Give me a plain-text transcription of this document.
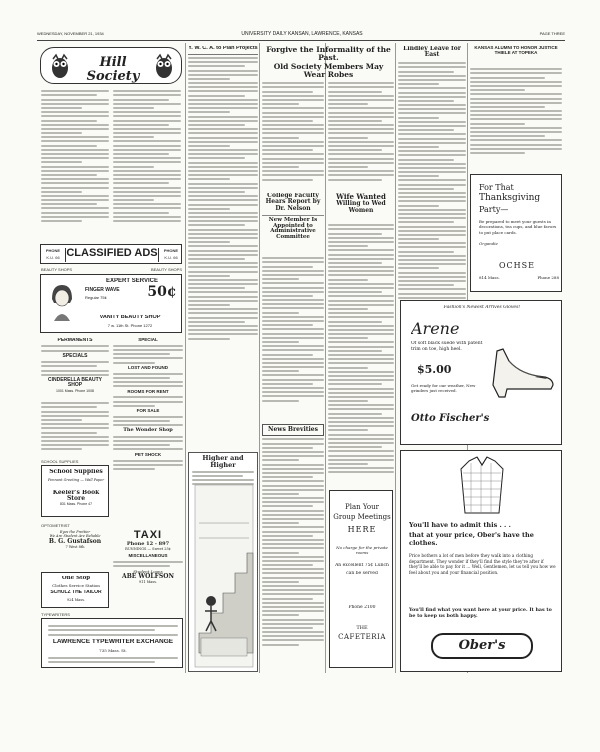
WEDNESDAY, NOVEMBER 21, 1934	UNIVERSITY DAILY KANSAN, LAWRENCE, KANSAS	PAGE THREE
Hill Society
PHONE
K.U. 66 CLASSIFIED ADS	PHONE
K.U. 66
BEAUTY SHOPS	BEAUTY SHOPS
EXPERT SERVICE
FINGER WAVE	50¢
Regular 75¢
VANITY BEAUTY SHOP
7 w. 11th St. Phone 1272
PERMANENTS
SPECIALS
CINDERELLA BEAUTY SHOP
1001 Mass. Phone 1008
SCHOOL SUPPLIES
School Supplies
Pennant Greeting — Wall Paper
Keeler's Book Store
831 Mass. Phone 47
OPTOMETRIST
Eyes the Prettier
We Are Student Are Reliable
B. G. Gustafson
7 West 8th
One Stop
Clothes Service Station
SCHULZ THE TAILOR
924 Mass.
TYPEWRITERS
LAWRENCE TYPEWRITER EXCHANGE
735 Mass. St.
SPECIAL
LOST AND FOUND
ROOMS FOR RENT
FOR SALE
The Wonder Shop
PET SHOCK
TAXI
Phone 12 - 897
RUNNINGS — Sweet 25¢
MISCELLANEOUS
Student Loans
ABE WOLFSON
911 Mass.
Y. W. C. A. to Plan Projects
Higher and Higher
Forgive the Informality of the Past.
Old Society Members May Wear Robes
College Faculty Hears Report by Dr. Nelson
New Member Is Appointed to Administrative Committee
News Brevities
Wife Wanted
Willing to Wed Women
Plan Your
Group Meetings
HERE
No charge for the private rooms
An excellent 75¢ Lunch
can be served
Phone 2100
THE
CAFETERIA
Lindley Leave for East
KANSAS ALUMNI TO HONOR JUSTICE THIELE AT TOPEKA
For That
Thanksgiving
Party—
Be prepared to meet your guests in decorations, tea cups, and blue favors to put place cards.
Organdie
OCHSE
814 Mass.	Phone 288
Fashion's Newest Arrives Gloves!
Arene
Of soft black suede with patent trim on toe, high heel.
$5.00
Get ready for our weather, New grinders just received.
Otto Fischer's
You'll have to admit this . . .
that at your price, Ober's have the clothes.
Price bothers a lot of men before they walk into a clothing department. They wonder if they'll find the style they're after if they'll be able to pay for it ... Well, Gentlemen, let us tell you how we feel about you and your financial position.
You'll find what you want here at your price. It has to be to keep us both happy.
Ober's
